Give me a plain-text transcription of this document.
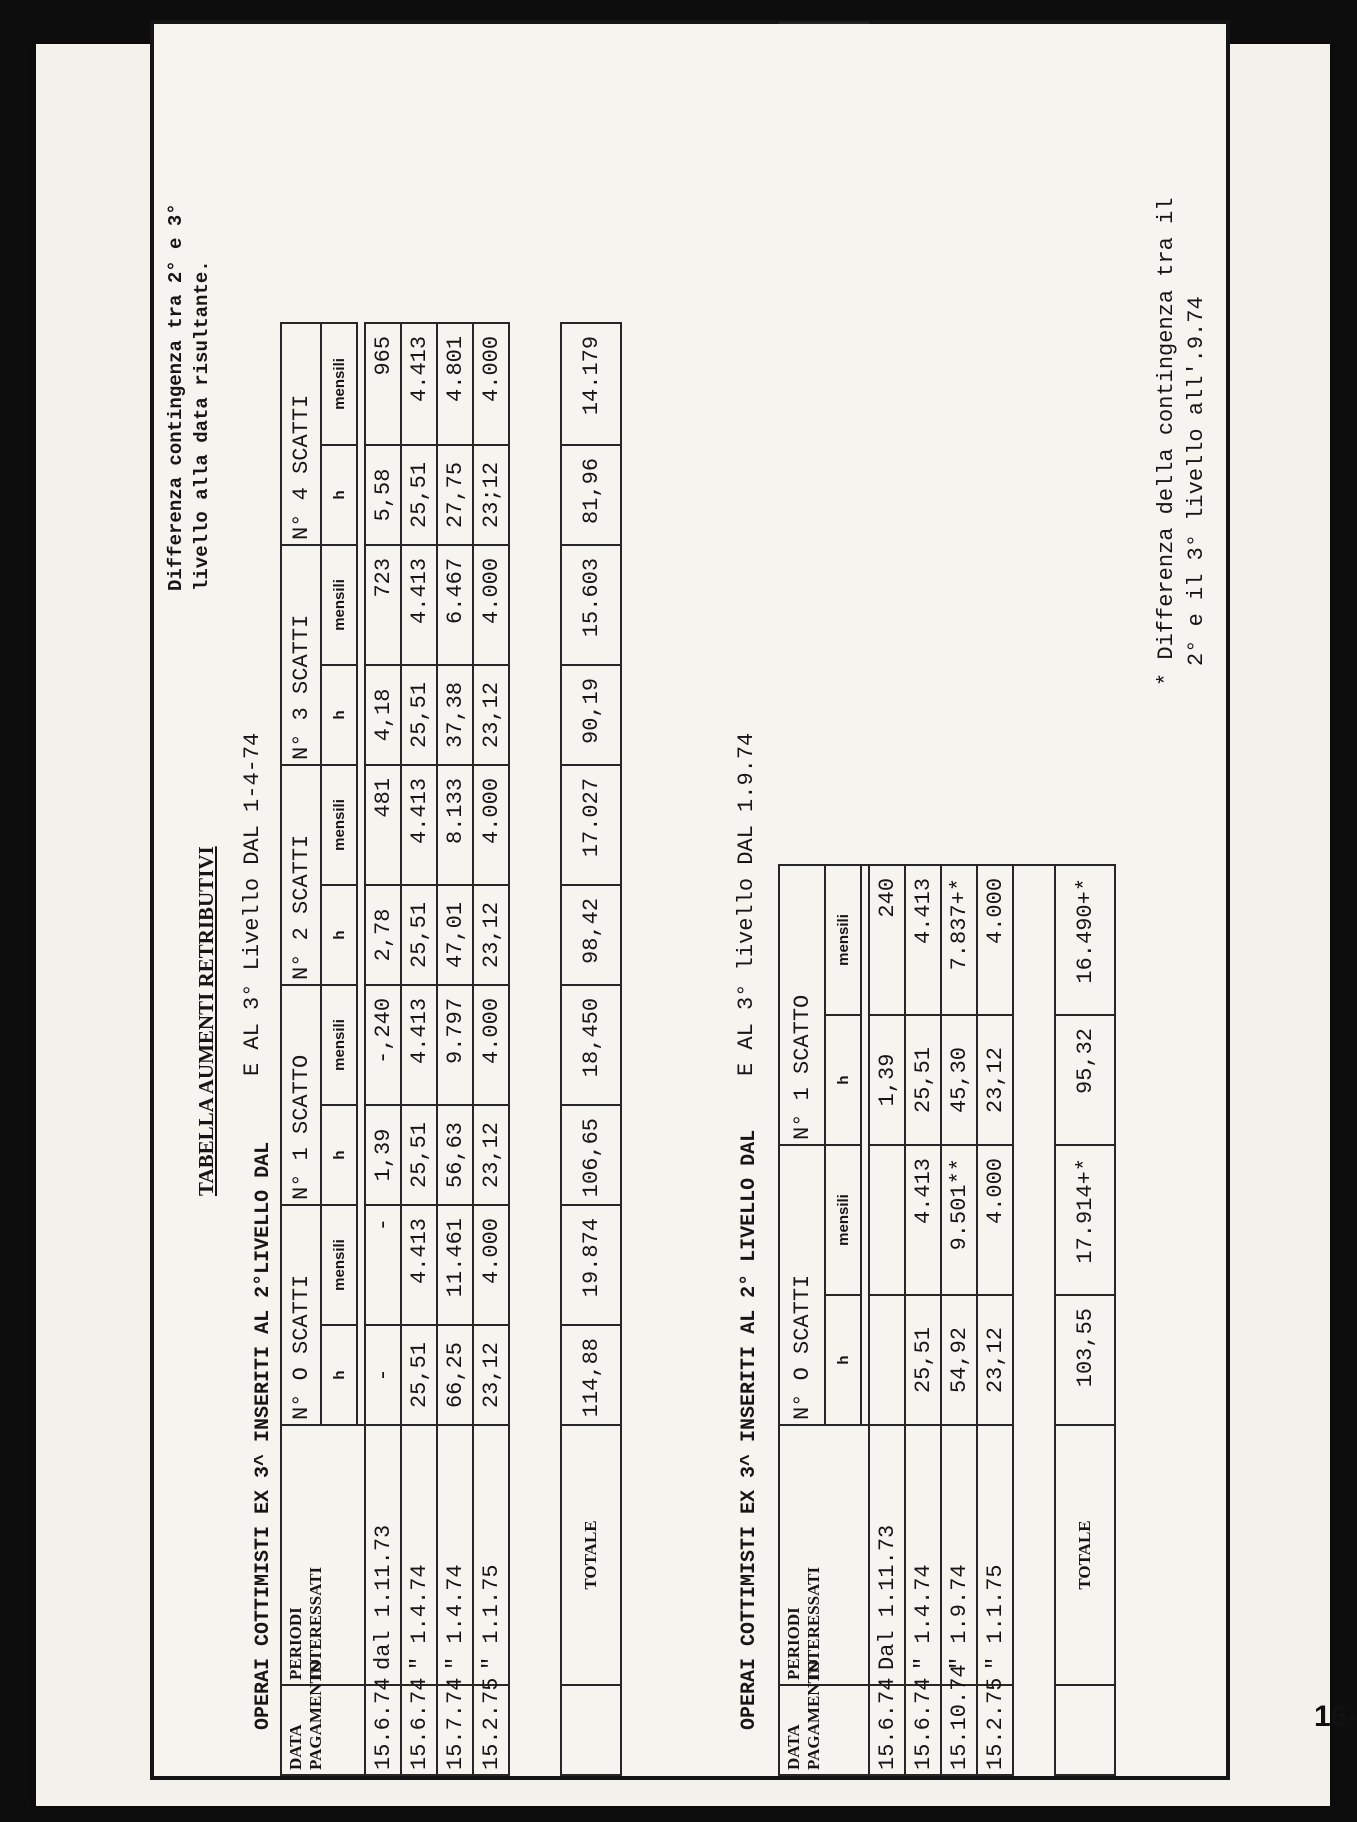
16-
TABELLA AUMENTI RETRIBUTIVI
OPERAI COTTIMISTI EX 3^ INSERITI AL 2°LIVELLO DAL
E AL 3° Livello DAL 1-4-74
Differenza contingenza tra 2° e 3° livello alla data risultante.
DATA
PAGAMENTO	PERIODI
INTERESSATI	N° O SCATTI		N° 1 SCATTO		N° 2 SCATTI		N° 3 SCATTI		N° 4 SCATTI		
		h	mensili	h	mensili	h	mensili	h	mensili	h	mensili	

15.6.74	dal 1.11.73	-	-	1,39	-,240	2,78	481	4,18	723	5,58	965	
15.6.74	" 1.4.74	25,51	4.413	25,51	4.413	25,51	4.413	25,51	4.413	25,51	4.413	
15.7.74	" 1.4.74	66,25	11.461	56,63	9.797	47,01	8.133	37,38	6.467	27,75	4.801	
15.2.75	" 1.1.75	23,12	4.000	23,12	4.000	23,12	4.000	23,12	4.000	23;12	4.000	

	TOTALE	114,88	19.874	106,65	18,450	98,42	17.027	90,19	15.603	81,96	14.179	
OPERAI COTTIMISTI EX 3^ INSERITI AL 2° LIVELLO DAL
E AL 3° livello DAL 1.9.74
DATA
PAGAMENTO	PERIODI
INTERESSATI	N° O SCATTI		N° 1 SCATTO		
		h	mensili	h	mensili	

15.6.74	Dal 1.11.73			1,39	240	
15.6.74	" 1.4.74	25,51	4.413	25,51	4.413	
15.10.74	" 1.9.74	54,92	9.501**	45,30	7.837+*	
15.2.75	" 1.1.75	23,12	4.000	23,12	4.000	

	TOTALE	103,55	17.914+*	95,32	16.490+*	
* Differenza della contingenza tra il 2° e il 3° livello all'.9.74
